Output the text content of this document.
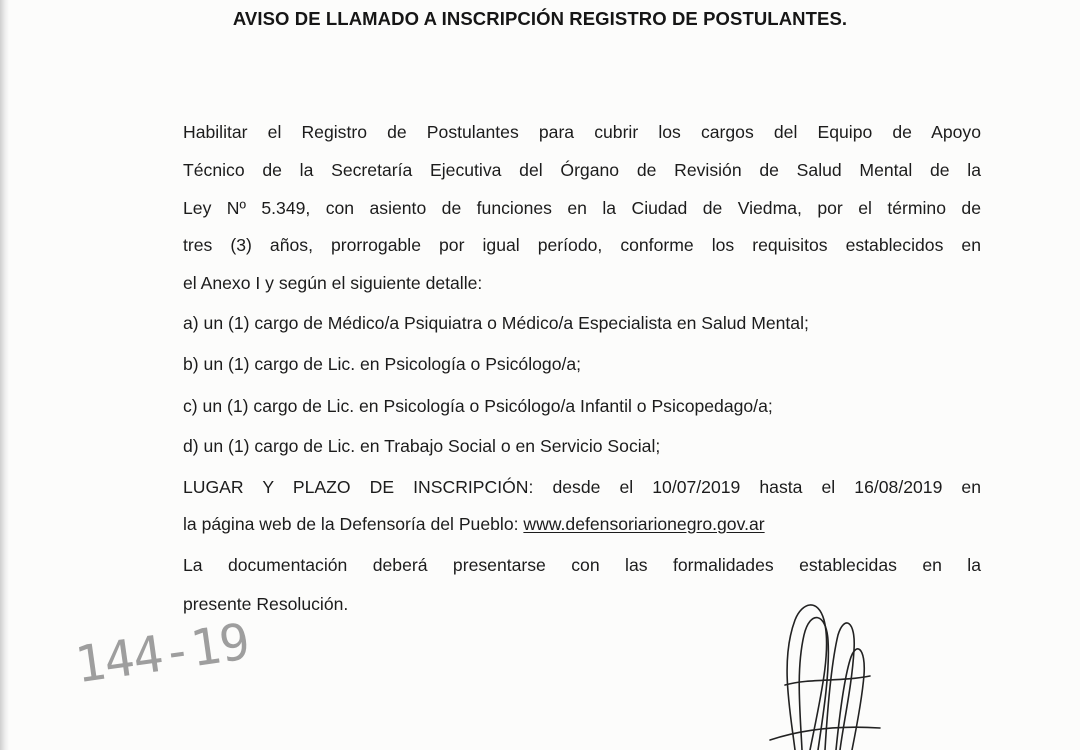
AVISO DE LLAMADO A INSCRIPCIÓN REGISTRO DE POSTULANTES.

Habilitar el Registro de Postulantes para cubrir los cargos del Equipo de Apoyo

Técnico de la Secretaría Ejecutiva del Órgano de Revisión de Salud Mental de la

Ley Nº 5.349, con asiento de funciones en la Ciudad de Viedma, por el término de

tres (3) años, prorrogable por igual período, conforme los requisitos establecidos en

el Anexo I y según el siguiente detalle:

a) un (1) cargo de Médico/a Psiquiatra o Médico/a Especialista en Salud Mental;

b) un (1) cargo de Lic. en Psicología o Psicólogo/a;

c) un (1) cargo de Lic. en Psicología o Psicólogo/a Infantil o Psicopedago/a;

d) un (1) cargo de Lic. en Trabajo Social o en Servicio Social;

LUGAR Y PLAZO DE INSCRIPCIÓN: desde el 10/07/2019 hasta el 16/08/2019 en

la página web de la Defensoría del Pueblo: www.defensoriarionegro.gov.ar

La documentación deberá presentarse con las formalidades establecidas en la

presente Resolución.

144-19
